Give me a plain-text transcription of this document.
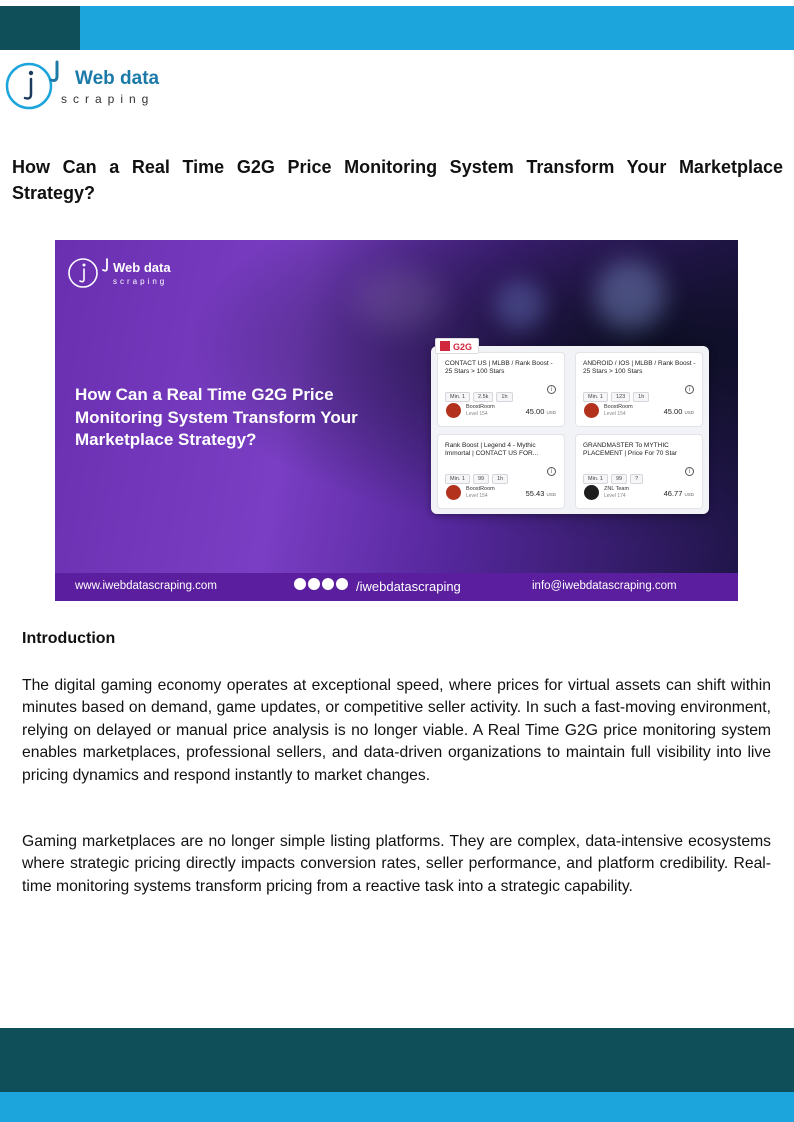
Web data
scraping
How Can a Real Time G2G Price Monitoring System Transform Your Marketplace Strategy?
Web data
scraping
How Can a Real Time G2G Price Monitoring System Transform Your Marketplace Strategy?
CONTACT US | MLBB / Rank Boost - 25 Stars > 100 Stars
Min. 1 2.5k 1h
i
BoostRoom
Level 154	45.00 USD
ANDROID / IOS | MLBB / Rank Boost - 25 Stars > 100 Stars
Min. 1 123 1h
i
BoostRoom
Level 154	45.00 USD
Rank Boost | Legend 4 - Mythic Immortal | CONTACT US FOR...
Min. 1 99 1h
i
BoostRoom
Level 154	55.43 USD
GRANDMASTER To MYTHIC PLACEMENT | Price For 70 Star
Min. 1 99 ?
i
ZNL Team
Level 174	46.77 USD
G2G
www.iwebdatascraping.com	/iwebdatascraping	info@iwebdatascraping.com
Introduction

The digital gaming economy operates at exceptional speed, where prices for virtual assets can shift within minutes based on demand, game updates, or competitive seller activity. In such a fast-moving environment, relying on delayed or manual price analysis is no longer viable. A Real Time G2G price monitoring system enables marketplaces, professional sellers, and data-driven organizations to maintain full visibility into live pricing dynamics and respond instantly to market changes.

Gaming marketplaces are no longer simple listing platforms. They are complex, data-intensive ecosystems where strategic pricing directly impacts conversion rates, seller performance, and platform credibility. Real-time monitoring systems transform pricing from a reactive task into a strategic capability.
